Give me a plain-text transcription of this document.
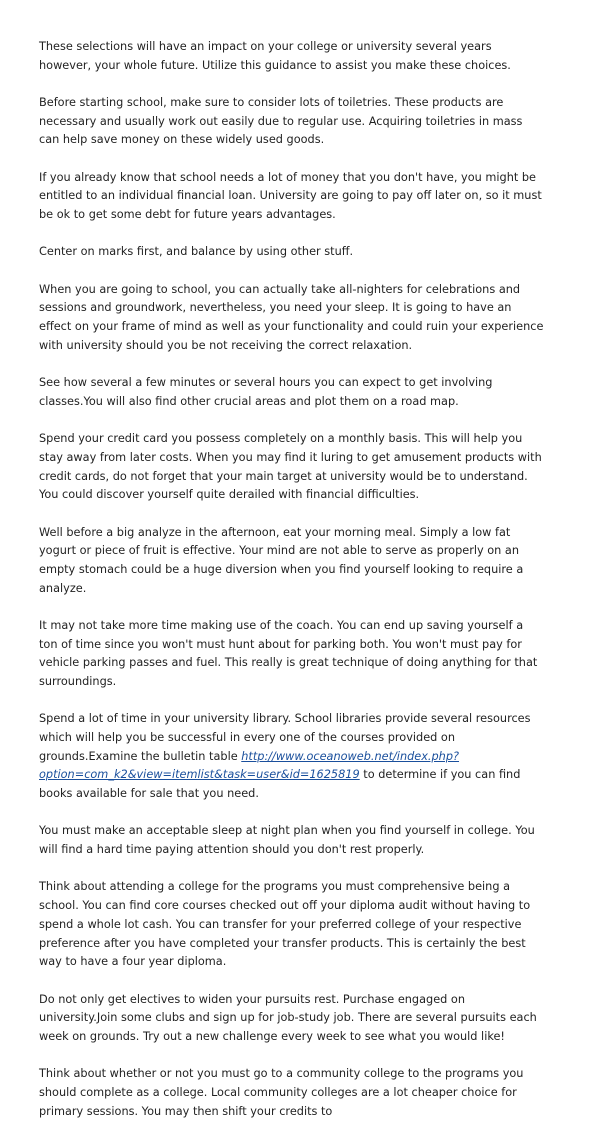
These selections will have an impact on your college or university several years however, your whole future. Utilize this guidance to assist you make these choices.

Before starting school, make sure to consider lots of toiletries. These products are necessary and usually work out easily due to regular use. Acquiring toiletries in mass can help save money on these widely used goods.

If you already know that school needs a lot of money that you don't have, you might be entitled to an individual financial loan. University are going to pay off later on, so it must be ok to get some debt for future years advantages.

Center on marks first, and balance by using other stuff.

When you are going to school, you can actually take all-nighters for celebrations and sessions and groundwork, nevertheless, you need your sleep. It is going to have an effect on your frame of mind as well as your functionality and could ruin your experience with university should you be not receiving the correct relaxation.

See how several a few minutes or several hours you can expect to get involving classes.You will also find other crucial areas and plot them on a road map.

Spend your credit card you possess completely on a monthly basis. This will help you stay away from later costs. When you may find it luring to get amusement products with credit cards, do not forget that your main target at university would be to understand. You could discover yourself quite derailed with financial difficulties.

Well before a big analyze in the afternoon, eat your morning meal. Simply a low fat yogurt or piece of fruit is effective. Your mind are not able to serve as properly on an empty stomach could be a huge diversion when you find yourself looking to require a analyze.

It may not take more time making use of the coach. You can end up saving yourself a ton of time since you won't must hunt about for parking both. You won't must pay for vehicle parking passes and fuel. This really is great technique of doing anything for that surroundings.

Spend a lot of time in your university library. School libraries provide several resources which will help you be successful in every one of the courses provided on grounds.Examine the bulletin table http://www.oceanoweb.net/index.php?option=com_k2&view=itemlist&task=user&id=1625819 to determine if you can find books available for sale that you need.

You must make an acceptable sleep at night plan when you find yourself in college. You will find a hard time paying attention should you don't rest properly.

Think about attending a college for the programs you must comprehensive being a school. You can find core courses checked out off your diploma audit without having to spend a whole lot cash. You can transfer for your preferred college of your respective preference after you have completed your transfer products. This is certainly the best way to have a four year diploma.

Do not only get electives to widen your pursuits rest. Purchase engaged on university.Join some clubs and sign up for job-study job. There are several pursuits each week on grounds. Try out a new challenge every week to see what you would like!

Think about whether or not you must go to a community college to the programs you should complete as a college. Local community colleges are a lot cheaper choice for primary sessions. You may then shift your credits to
